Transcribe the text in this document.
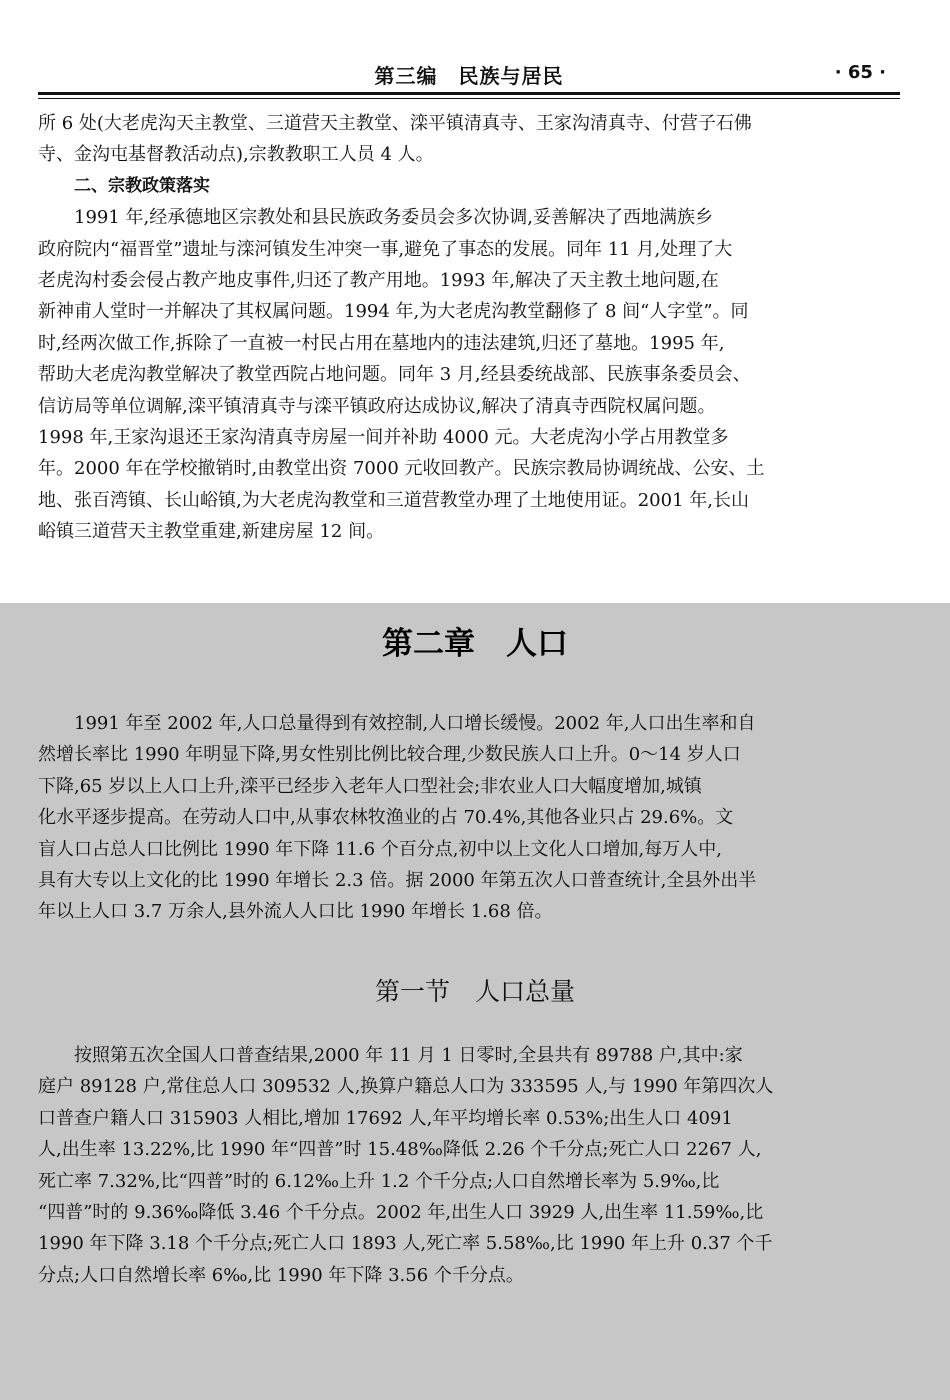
第三编　民族与居民	· 65 ·
所 6 处(大老虎沟天主教堂、三道营天主教堂、滦平镇清真寺、王家沟清真寺、付营子石佛
寺、金沟屯基督教活动点),宗教教职工人员 4 人。
二、宗教政策落实
1991 年,经承德地区宗教处和县民族政务委员会多次协调,妥善解决了西地满族乡
政府院内“福晋堂”遗址与滦河镇发生冲突一事,避免了事态的发展。同年 11 月,处理了大
老虎沟村委会侵占教产地皮事件,归还了教产用地。1993 年,解决了天主教土地问题,在
新神甫人堂时一并解决了其权属问题。1994 年,为大老虎沟教堂翻修了 8 间“人字堂”。同
时,经两次做工作,拆除了一直被一村民占用在墓地内的违法建筑,归还了墓地。1995 年,
帮助大老虎沟教堂解决了教堂西院占地问题。同年 3 月,经县委统战部、民族事条委员会、
信访局等单位调解,滦平镇清真寺与滦平镇政府达成协议,解决了清真寺西院权属问题。
1998 年,王家沟退还王家沟清真寺房屋一间并补助 4000 元。大老虎沟小学占用教堂多
年。2000 年在学校撤销时,由教堂出资 7000 元收回教产。民族宗教局协调统战、公安、土
地、张百湾镇、长山峪镇,为大老虎沟教堂和三道营教堂办理了土地使用证。2001 年,长山
峪镇三道营天主教堂重建,新建房屋 12 间。
第二章　人口
1991 年至 2002 年,人口总量得到有效控制,人口增长缓慢。2002 年,人口出生率和自
然增长率比 1990 年明显下降,男女性别比例比较合理,少数民族人口上升。0～14 岁人口
下降,65 岁以上人口上升,滦平已经步入老年人口型社会;非农业人口大幅度增加,城镇
化水平逐步提高。在劳动人口中,从事农林牧渔业的占 70.4%,其他各业只占 29.6%。文
盲人口占总人口比例比 1990 年下降 11.6 个百分点,初中以上文化人口增加,每万人中,
具有大专以上文化的比 1990 年增长 2.3 倍。据 2000 年第五次人口普查统计,全县外出半
年以上人口 3.7 万余人,县外流人人口比 1990 年增长 1.68 倍。
第一节　人口总量
按照第五次全国人口普查结果,2000 年 11 月 1 日零时,全县共有 89788 户,其中:家
庭户 89128 户,常住总人口 309532 人,换算户籍总人口为 333595 人,与 1990 年第四次人
口普查户籍人口 315903 人相比,增加 17692 人,年平均增长率 0.53%;出生人口 4091
人,出生率 13.22%,比 1990 年“四普”时 15.48‰降低 2.26 个千分点;死亡人口 2267 人,
死亡率 7.32%,比“四普”时的 6.12‰上升 1.2 个千分点;人口自然增长率为 5.9‰,比
“四普”时的 9.36‰降低 3.46 个千分点。2002 年,出生人口 3929 人,出生率 11.59‰,比
1990 年下降 3.18 个千分点;死亡人口 1893 人,死亡率 5.58‰,比 1990 年上升 0.37 个千
分点;人口自然增长率 6‰,比 1990 年下降 3.56 个千分点。
